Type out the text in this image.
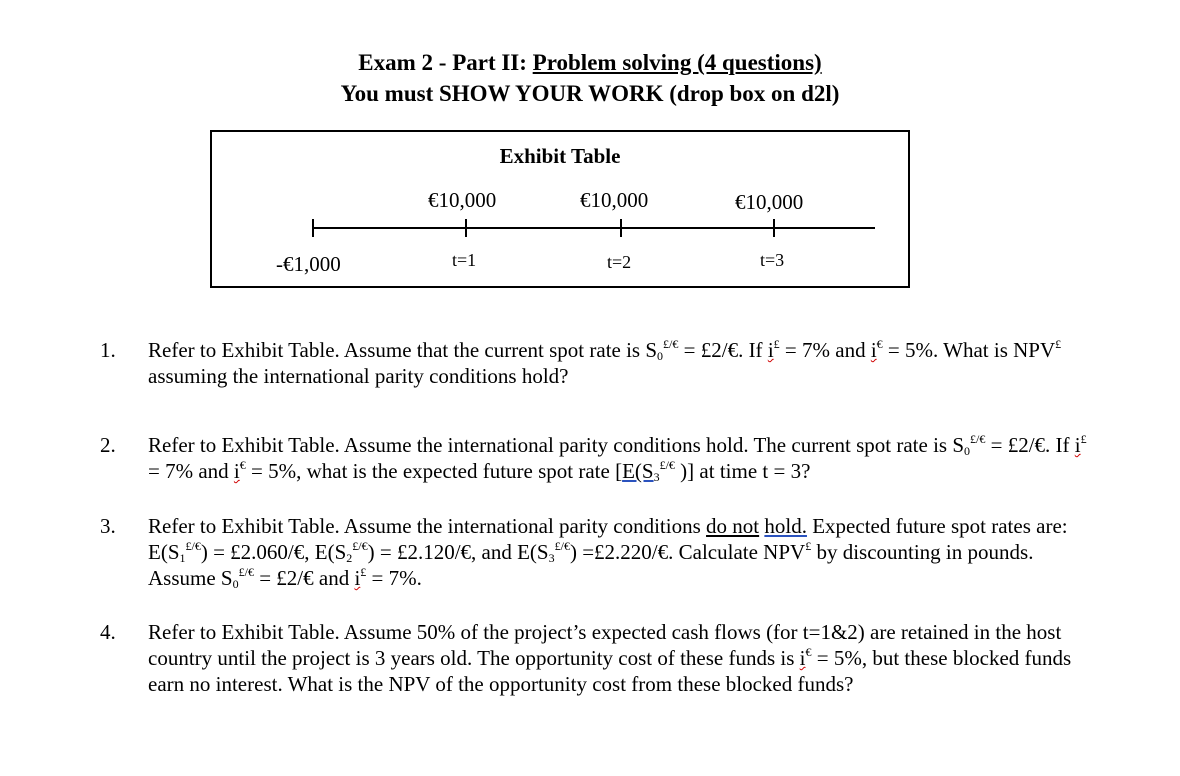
Exam 2 - Part II: Problem solving (4 questions)
You must SHOW YOUR WORK (drop box on d2l)
Exhibit Table
€10,000	€10,000	€10,000
-€1,000	t=1	t=2	t=3
1. Refer to Exhibit Table. Assume that the current spot rate is $S_0^{£/€}$ = £2/€. If i£ = 7% and i€ = 5%. What is NPV£ assuming the international parity conditions hold?
2. Refer to Exhibit Table. Assume the international parity conditions hold. The current spot rate is $S_0^{£/€}$ = £2/€. If i£ = 7% and i€ = 5%, what is the expected future spot rate [$E(S_3^{£/€}$ )] at time t = 3?
3. Refer to Exhibit Table. Assume the international parity conditions do not hold. Expected future spot rates are: $E(S_1^{£/€})$ = £2.060/€, $E(S_2^{£/€})$ = £2.120/€, and $E(S_3^{£/€})$ =£2.220/€. Calculate NPV£ by discounting in pounds. Assume $S_0^{£/€}$ = £2/€ and i£ = 7%.
4. Refer to Exhibit Table. Assume 50% of the project’s expected cash flows (for t=1&2) are retained in the host country until the project is 3 years old. The opportunity cost of these funds is i€ = 5%, but these blocked funds earn no interest. What is the NPV of the opportunity cost from these blocked funds?
